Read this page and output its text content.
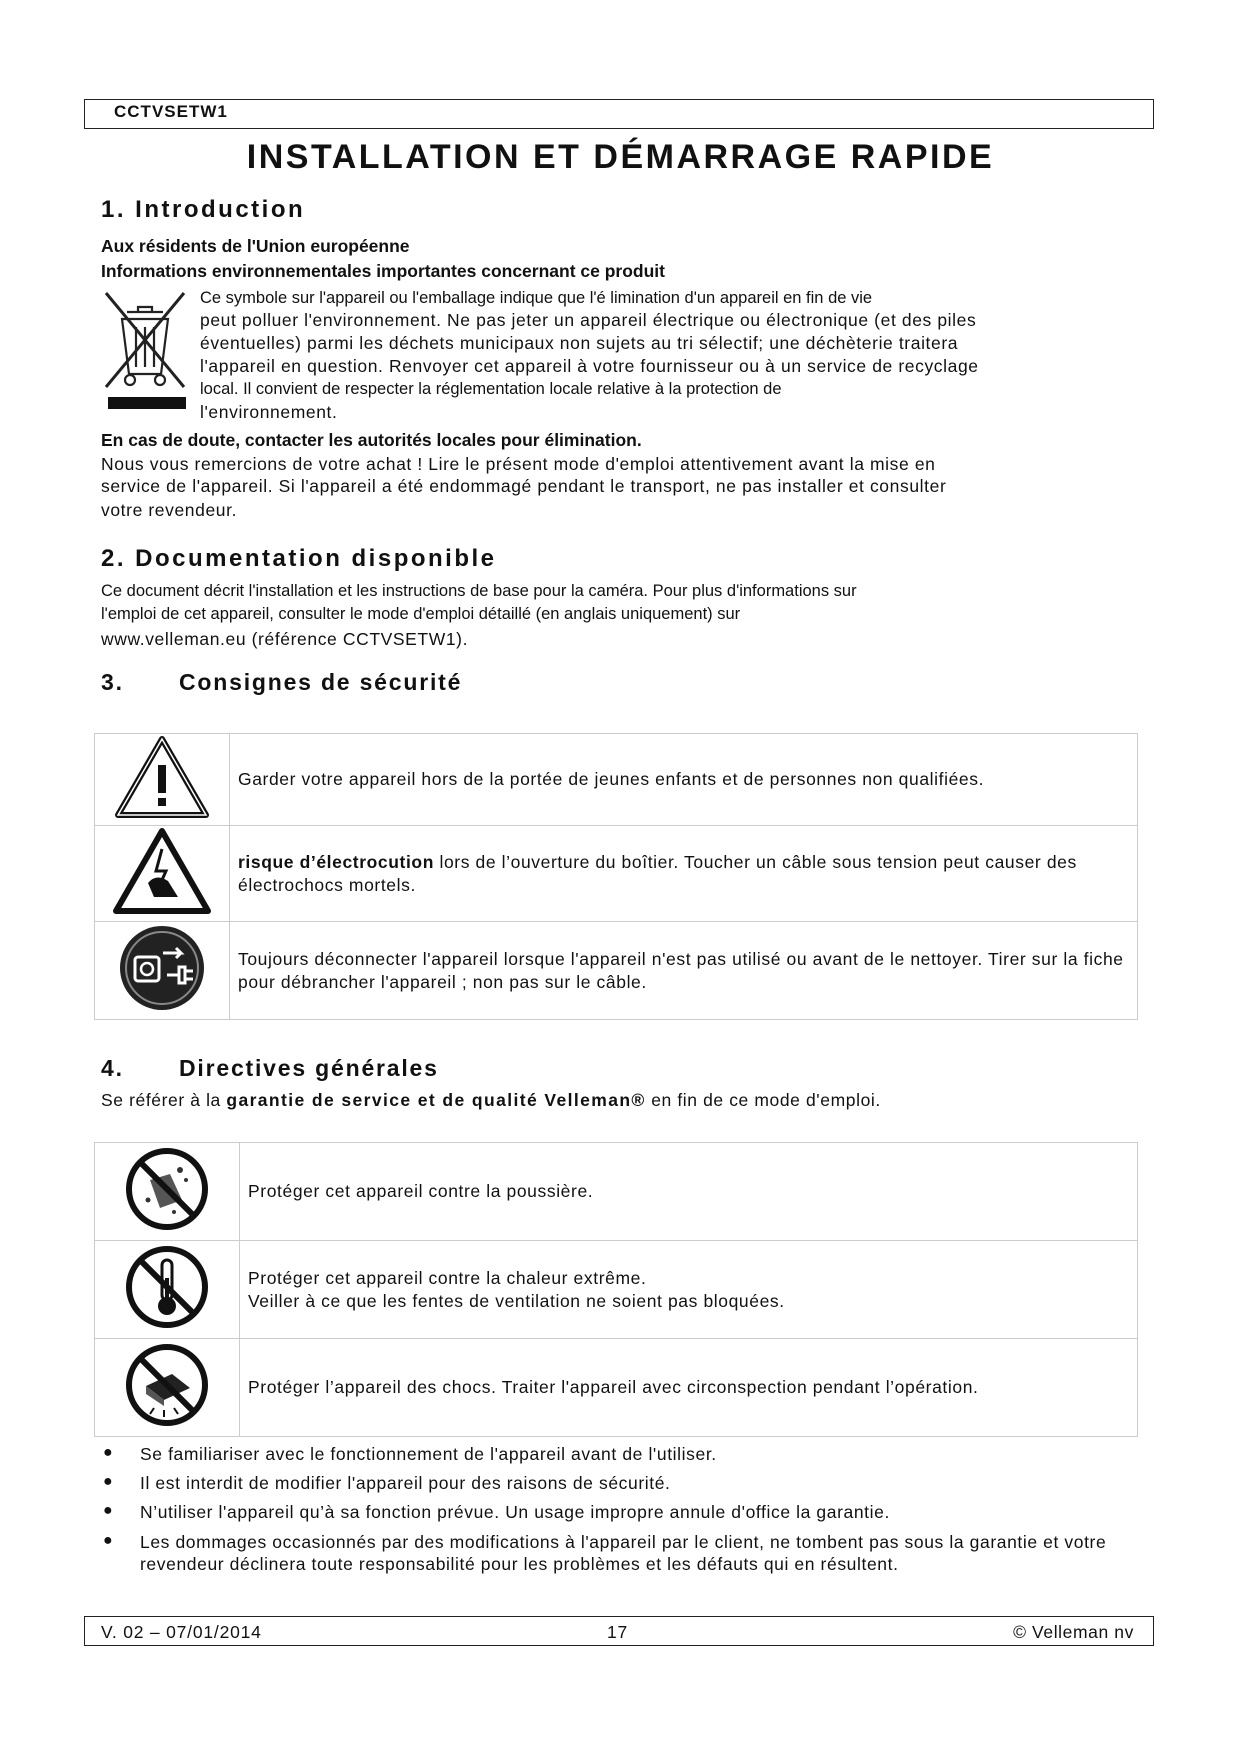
CCTVSETW1
INSTALLATION ET DÉMARRAGE RAPIDE
1. Introduction
Aux résidents de l'Union européenne
Informations environnementales importantes concernant ce produit
Ce symbole sur l'appareil ou l'emballage indique que l'é limination d'un appareil en fin de vie
peut polluer l'environnement. Ne pas jeter un appareil électrique ou électronique (et des piles
éventuelles) parmi les déchets municipaux non sujets au tri sélectif; une déchèterie traitera
l'appareil en question. Renvoyer cet appareil à votre fournisseur ou à un service de recyclage
local. Il convient de respecter la réglementation locale relative à la protection de
l'environnement.
En cas de doute, contacter les autorités locales pour élimination.
Nous vous remercions de votre achat ! Lire le présent mode d'emploi attentivement avant la mise en
service de l'appareil. Si l'appareil a été endommagé pendant le transport, ne pas installer et consulter
votre revendeur.
2. Documentation disponible
Ce document décrit l'installation et les instructions de base pour la caméra. Pour plus d'informations sur
l'emploi de cet appareil, consulter le mode d'emploi détaillé (en anglais uniquement) sur
www.velleman.eu (référence CCTVSETW1).
3. Consignes de sécurité
	Garder votre appareil hors de la portée de jeunes enfants et de personnes non qualifiées.
	risque d’électrocution lors de l’ouverture du boîtier. Toucher un câble sous tension peut causer des électrochocs mortels.
	Toujours déconnecter l'appareil lorsque l'appareil n'est pas utilisé ou avant de le nettoyer. Tirer sur la fiche pour débrancher l'appareil ; non pas sur le câble.
4. Directives générales
Se référer à la garantie de service et de qualité Velleman® en fin de ce mode d'emploi.

Protéger cet appareil contre la poussière.

Protéger cet appareil contre la chaleur extrême.
Veiller à ce que les fentes de ventilation ne soient pas bloquées.

Protéger l’appareil des chocs. Traiter l'appareil avec circonspection pendant l’opération.
● Se familiariser avec le fonctionnement de l'appareil avant de l'utiliser.
● Il est interdit de modifier l'appareil pour des raisons de sécurité.
● N’utiliser l'appareil qu’à sa fonction prévue. Un usage impropre annule d'office la garantie.
● Les dommages occasionnés par des modifications à l'appareil par le client, ne tombent pas sous la garantie et votre revendeur déclinera toute responsabilité pour les problèmes et les défauts qui en résultent.
V. 02 – 07/01/2014	17	© Velleman nv
